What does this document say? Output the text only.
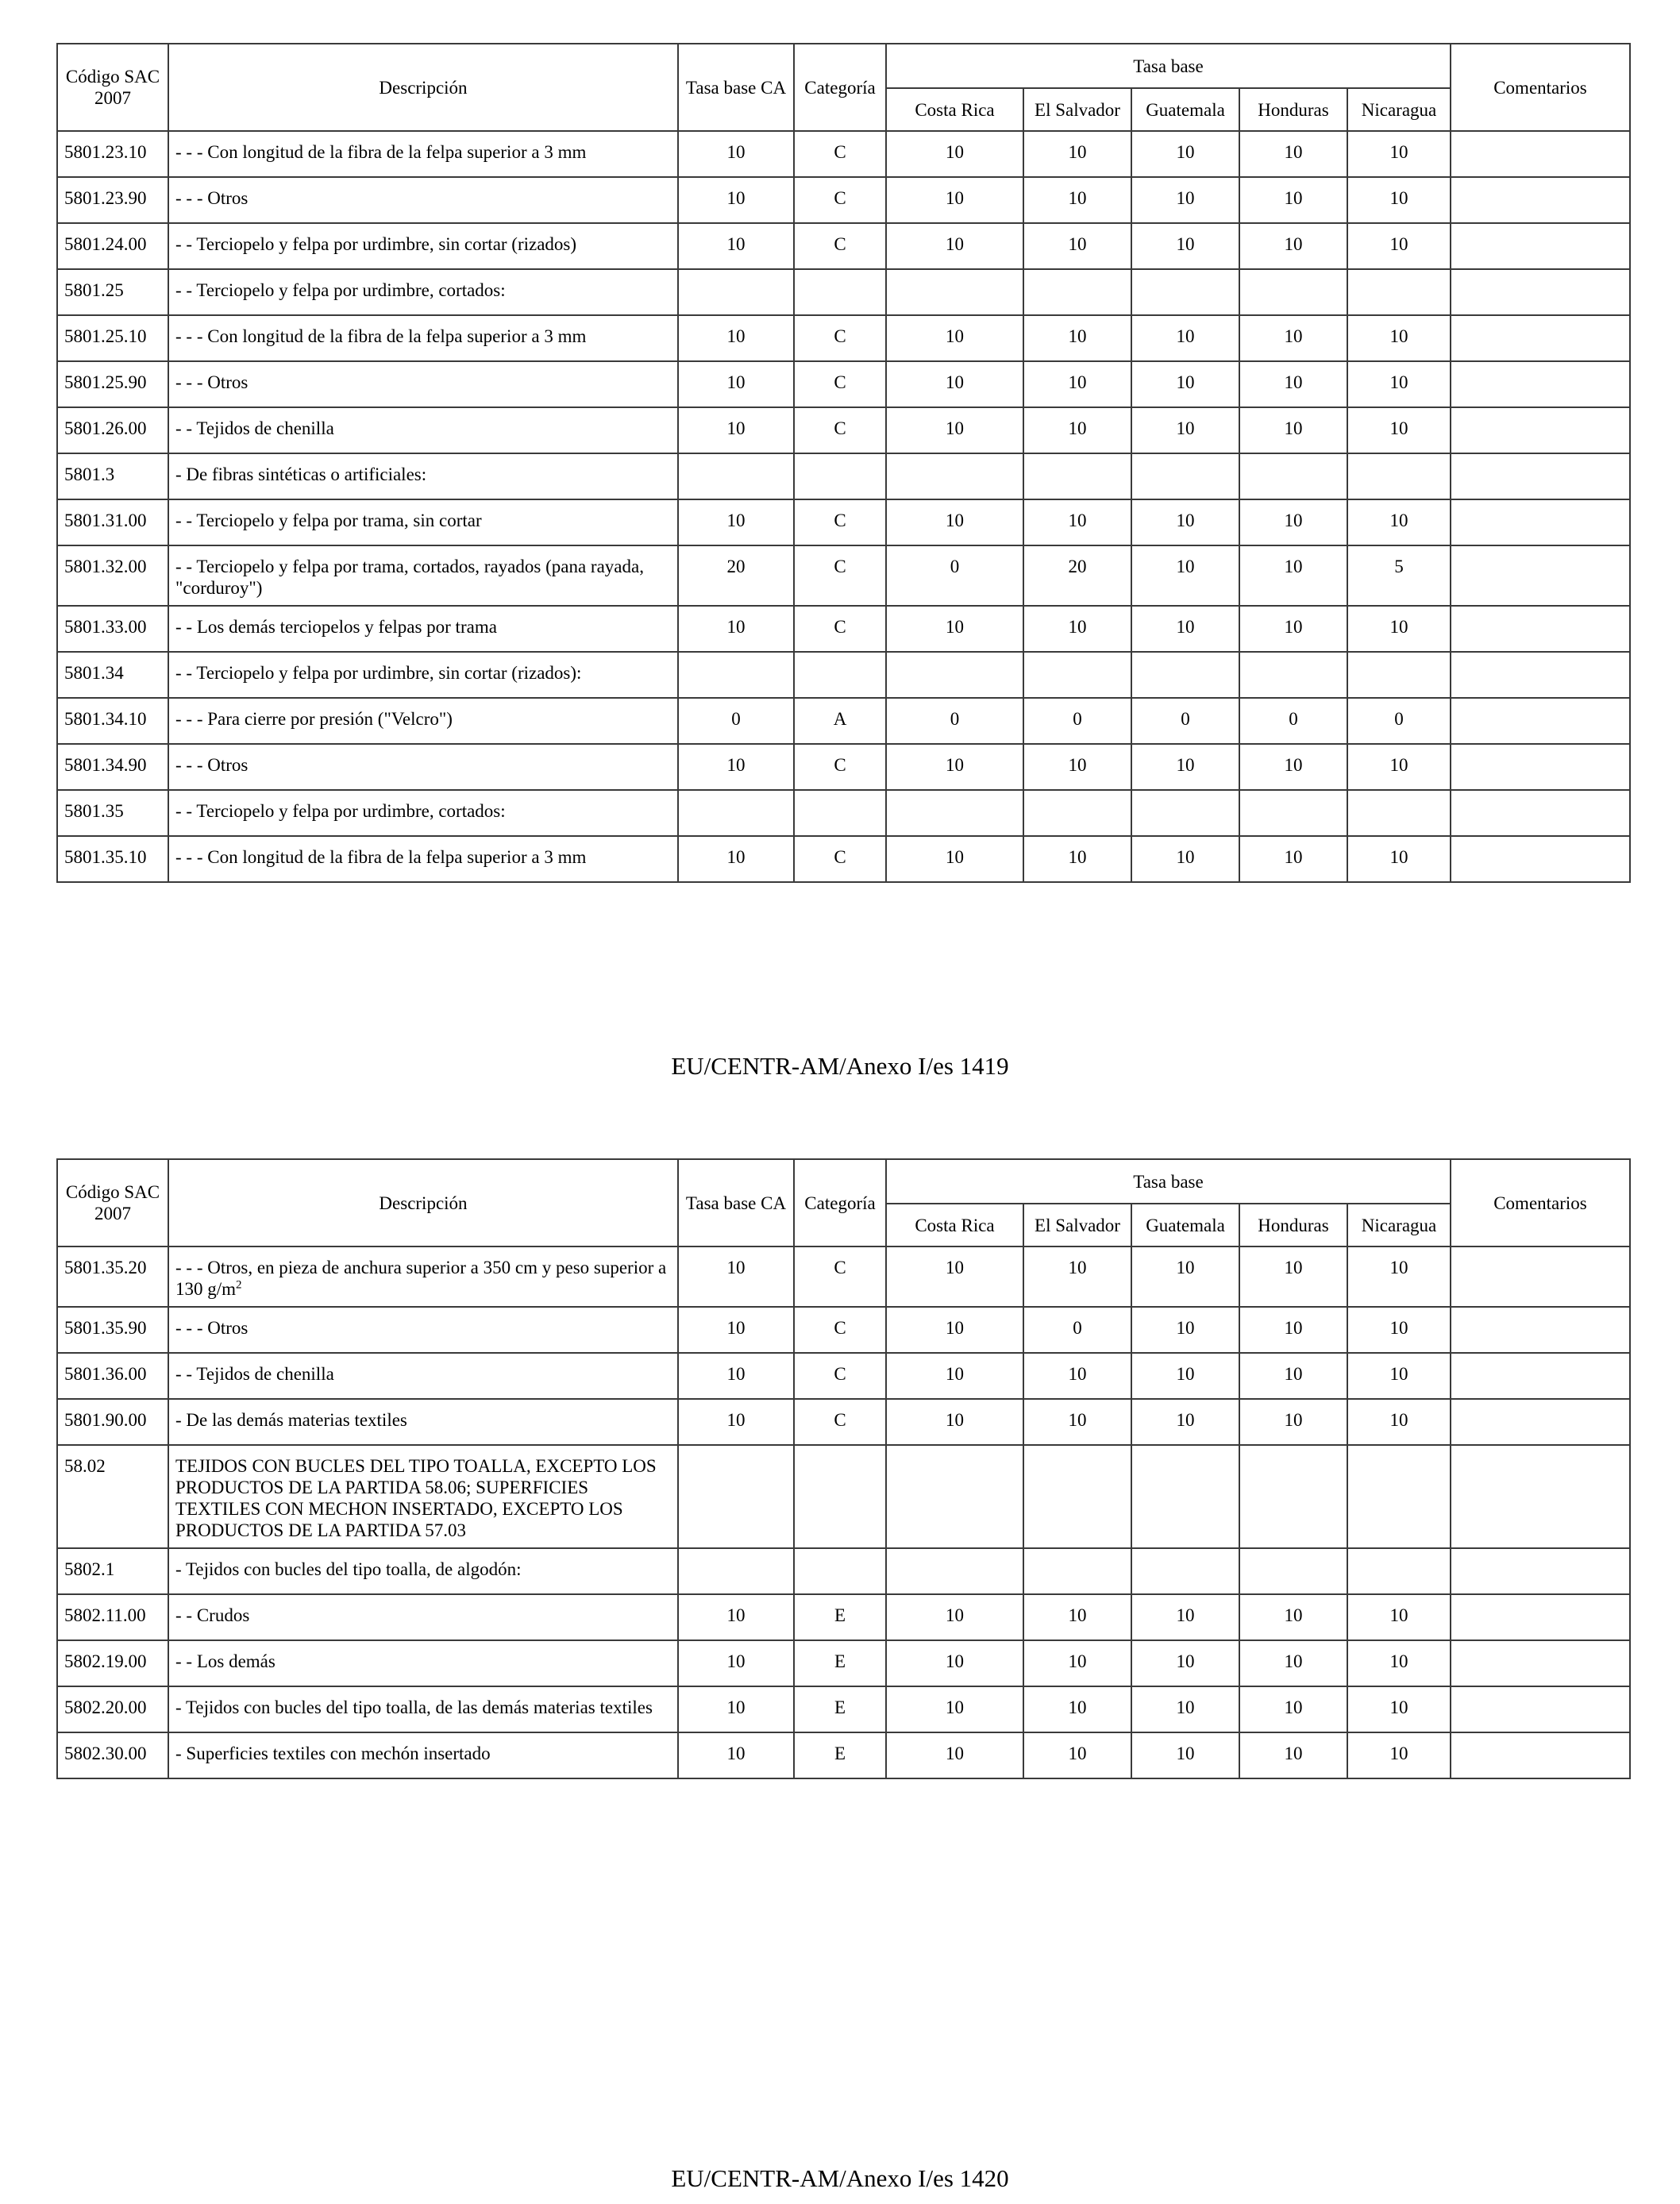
Código SAC 2007	Descripción	Tasa base CA	Categoría	Tasa base					Comentarios
				Costa Rica	El Salvador	Guatemala	Honduras	Nicaragua	
5801.23.10	- - - Con longitud de la fibra de la felpa superior a 3 mm	10	C	10	10	10	10	10	
5801.23.90	- - - Otros	10	C	10	10	10	10	10	
5801.24.00	- - Terciopelo y felpa por urdimbre, sin cortar (rizados)	10	C	10	10	10	10	10	
5801.25	- - Terciopelo y felpa por urdimbre, cortados:								
5801.25.10	- - - Con longitud de la fibra de la felpa superior a 3 mm	10	C	10	10	10	10	10	
5801.25.90	- - - Otros	10	C	10	10	10	10	10	
5801.26.00	- - Tejidos de chenilla	10	C	10	10	10	10	10	
5801.3	- De fibras sintéticas o artificiales:								
5801.31.00	- - Terciopelo y felpa por trama, sin cortar	10	C	10	10	10	10	10	
5801.32.00	- - Terciopelo y felpa por trama, cortados, rayados (pana rayada, "corduroy")	20	C	0	20	10	10	5	
5801.33.00	- - Los demás terciopelos y felpas por trama	10	C	10	10	10	10	10	
5801.34	- - Terciopelo y felpa por urdimbre, sin cortar (rizados):								
5801.34.10	- - - Para cierre por presión ("Velcro")	0	A	0	0	0	0	0	
5801.34.90	- - - Otros	10	C	10	10	10	10	10	
5801.35	- - Terciopelo y felpa por urdimbre, cortados:								
5801.35.10	- - - Con longitud de la fibra de la felpa superior a 3 mm	10	C	10	10	10	10	10	
EU/CENTR-AM/Anexo I/es 1419
Código SAC 2007	Descripción	Tasa base CA	Categoría	Tasa base					Comentarios
				Costa Rica	El Salvador	Guatemala	Honduras	Nicaragua	
5801.35.20	- - - Otros, en pieza de anchura superior a 350 cm y peso superior a 130 $g/m^2$	10	C	10	10	10	10	10	
5801.35.90	- - - Otros	10	C	10	0	10	10	10	
5801.36.00	- - Tejidos de chenilla	10	C	10	10	10	10	10	
5801.90.00	- De las demás materias textiles	10	C	10	10	10	10	10	
58.02	TEJIDOS CON BUCLES DEL TIPO TOALLA, EXCEPTO LOS PRODUCTOS DE LA PARTIDA 58.06; SUPERFICIES TEXTILES CON MECHON INSERTADO, EXCEPTO LOS PRODUCTOS DE LA PARTIDA 57.03								
5802.1	- Tejidos con bucles del tipo toalla, de algodón:								
5802.11.00	- - Crudos	10	E	10	10	10	10	10	
5802.19.00	- - Los demás	10	E	10	10	10	10	10	
5802.20.00	- Tejidos con bucles del tipo toalla, de las demás materias textiles	10	E	10	10	10	10	10	
5802.30.00	- Superficies textiles con mechón insertado	10	E	10	10	10	10	10	
EU/CENTR-AM/Anexo I/es 1420
